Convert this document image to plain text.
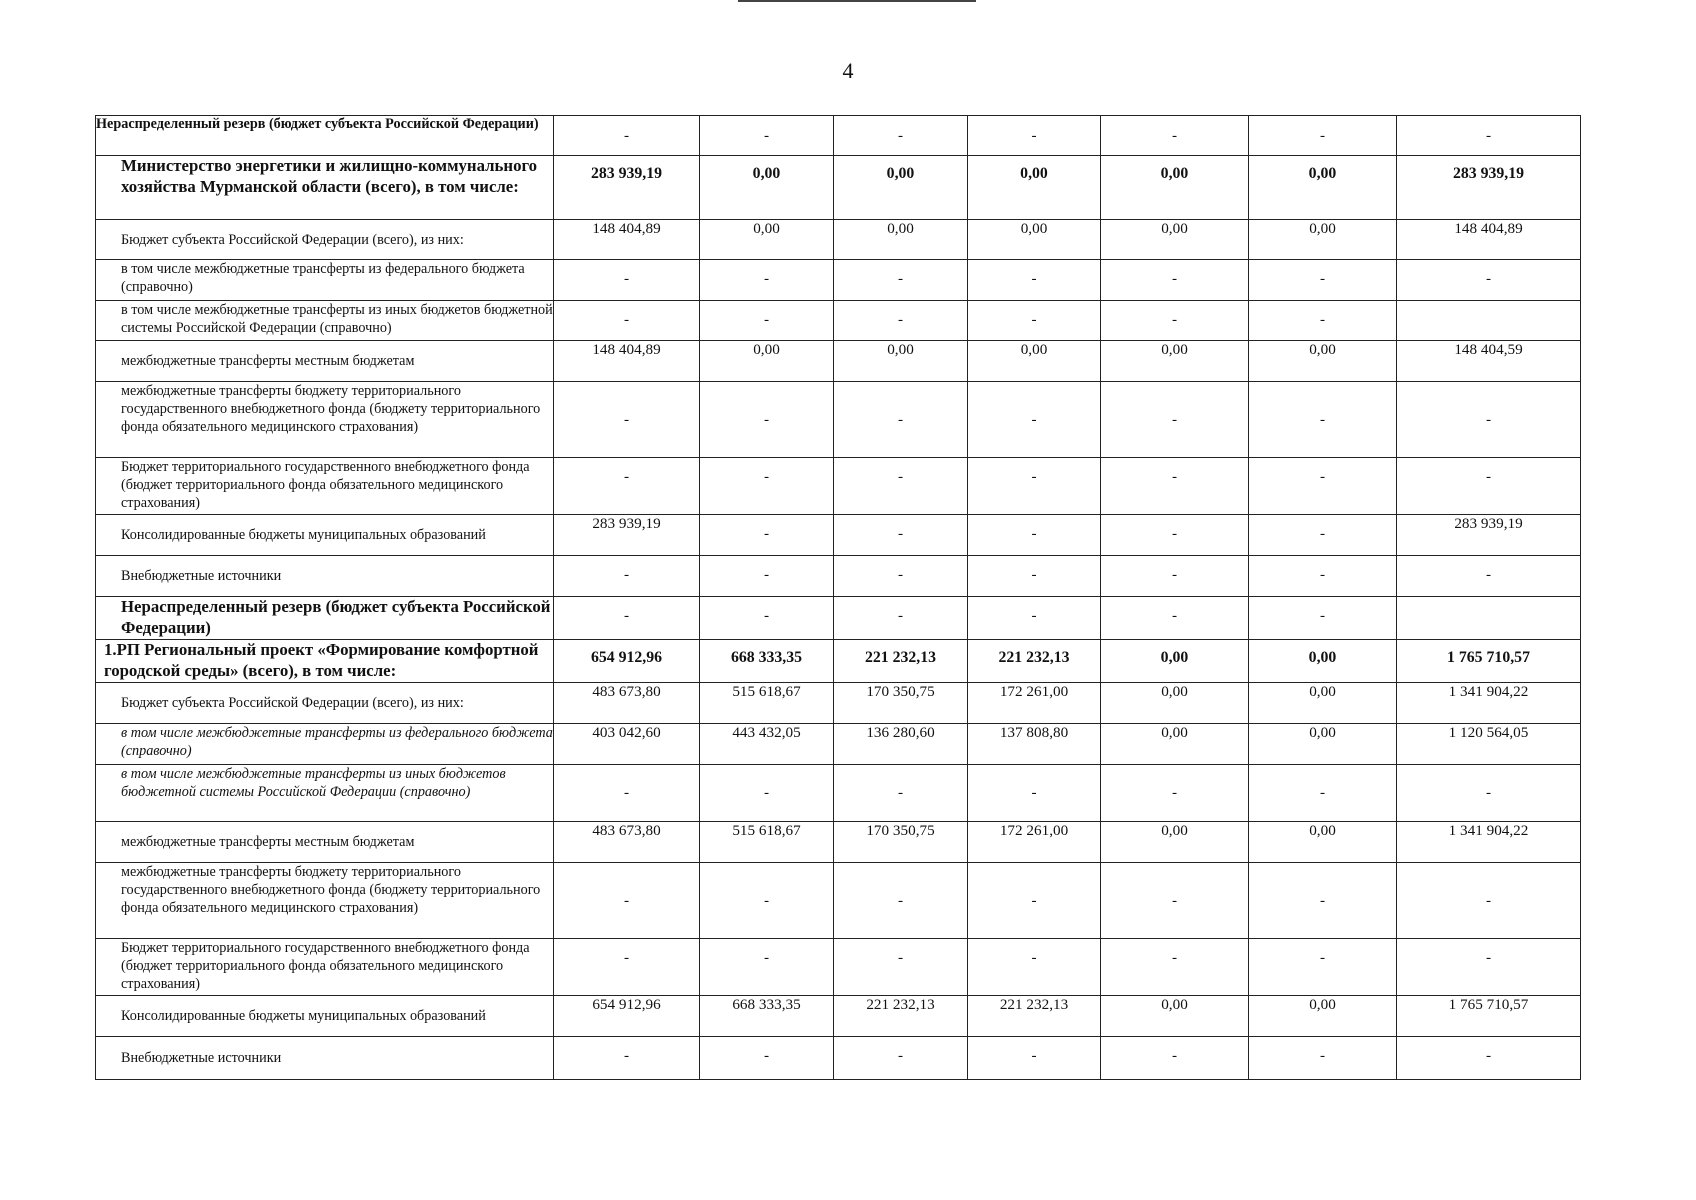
4
Нераспределенный резерв (бюджет субъекта Российской Федерации)	-	-	-	-	-	-	-
Министерство энергетики и жилищно-коммунального хозяйства Мурманской области (всего), в том числе:	283 939,19	0,00	0,00	0,00	0,00	0,00	283 939,19
Бюджет субъекта Российской Федерации (всего), из них:	148 404,89	0,00	0,00	0,00	0,00	0,00	148 404,89
в том числе межбюджетные трансферты из федерального бюджета (справочно)	-	-	-	-	-	-	-
в том числе межбюджетные трансферты из иных бюджетов бюджетной системы Российской Федерации (справочно)	-	-	-	-	-	-	
межбюджетные трансферты местным бюджетам	148 404,89	0,00	0,00	0,00	0,00	0,00	148 404,59
межбюджетные трансферты бюджету территориального государственного внебюджетного фонда (бюджету территориального фонда обязательного медицинского страхования)	-	-	-	-	-	-	-
Бюджет территориального государственного внебюджетного фонда (бюджет территориального фонда обязательного медицинского страхования)	-	-	-	-	-	-	-
Консолидированные бюджеты муниципальных образований	283 939,19	-	-	-	-	-	283 939,19
Внебюджетные источники	-	-	-	-	-	-	-
Нераспределенный резерв (бюджет субъекта Российской Федерации)	-	-	-	-	-	-	
1.РП Региональный проект «Формирование комфортной городской среды» (всего), в том числе:	654 912,96	668 333,35	221 232,13	221 232,13	0,00	0,00	1 765 710,57
Бюджет субъекта Российской Федерации (всего), из них:	483 673,80	515 618,67	170 350,75	172 261,00	0,00	0,00	1 341 904,22
в том числе межбюджетные трансферты из федерального бюджета (справочно)	403 042,60	443 432,05	136 280,60	137 808,80	0,00	0,00	1 120 564,05
в том числе межбюджетные трансферты из иных бюджетов бюджетной системы Российской Федерации (справочно)	-	-	-	-	-	-	-
межбюджетные трансферты местным бюджетам	483 673,80	515 618,67	170 350,75	172 261,00	0,00	0,00	1 341 904,22
межбюджетные трансферты бюджету территориального государственного внебюджетного фонда (бюджету территориального фонда обязательного медицинского страхования)	-	-	-	-	-	-	-
Бюджет территориального государственного внебюджетного фонда (бюджет территориального фонда обязательного медицинского страхования)	-	-	-	-	-	-	-
Консолидированные бюджеты муниципальных образований	654 912,96	668 333,35	221 232,13	221 232,13	0,00	0,00	1 765 710,57
Внебюджетные источники	-	-	-	-	-	-	-
